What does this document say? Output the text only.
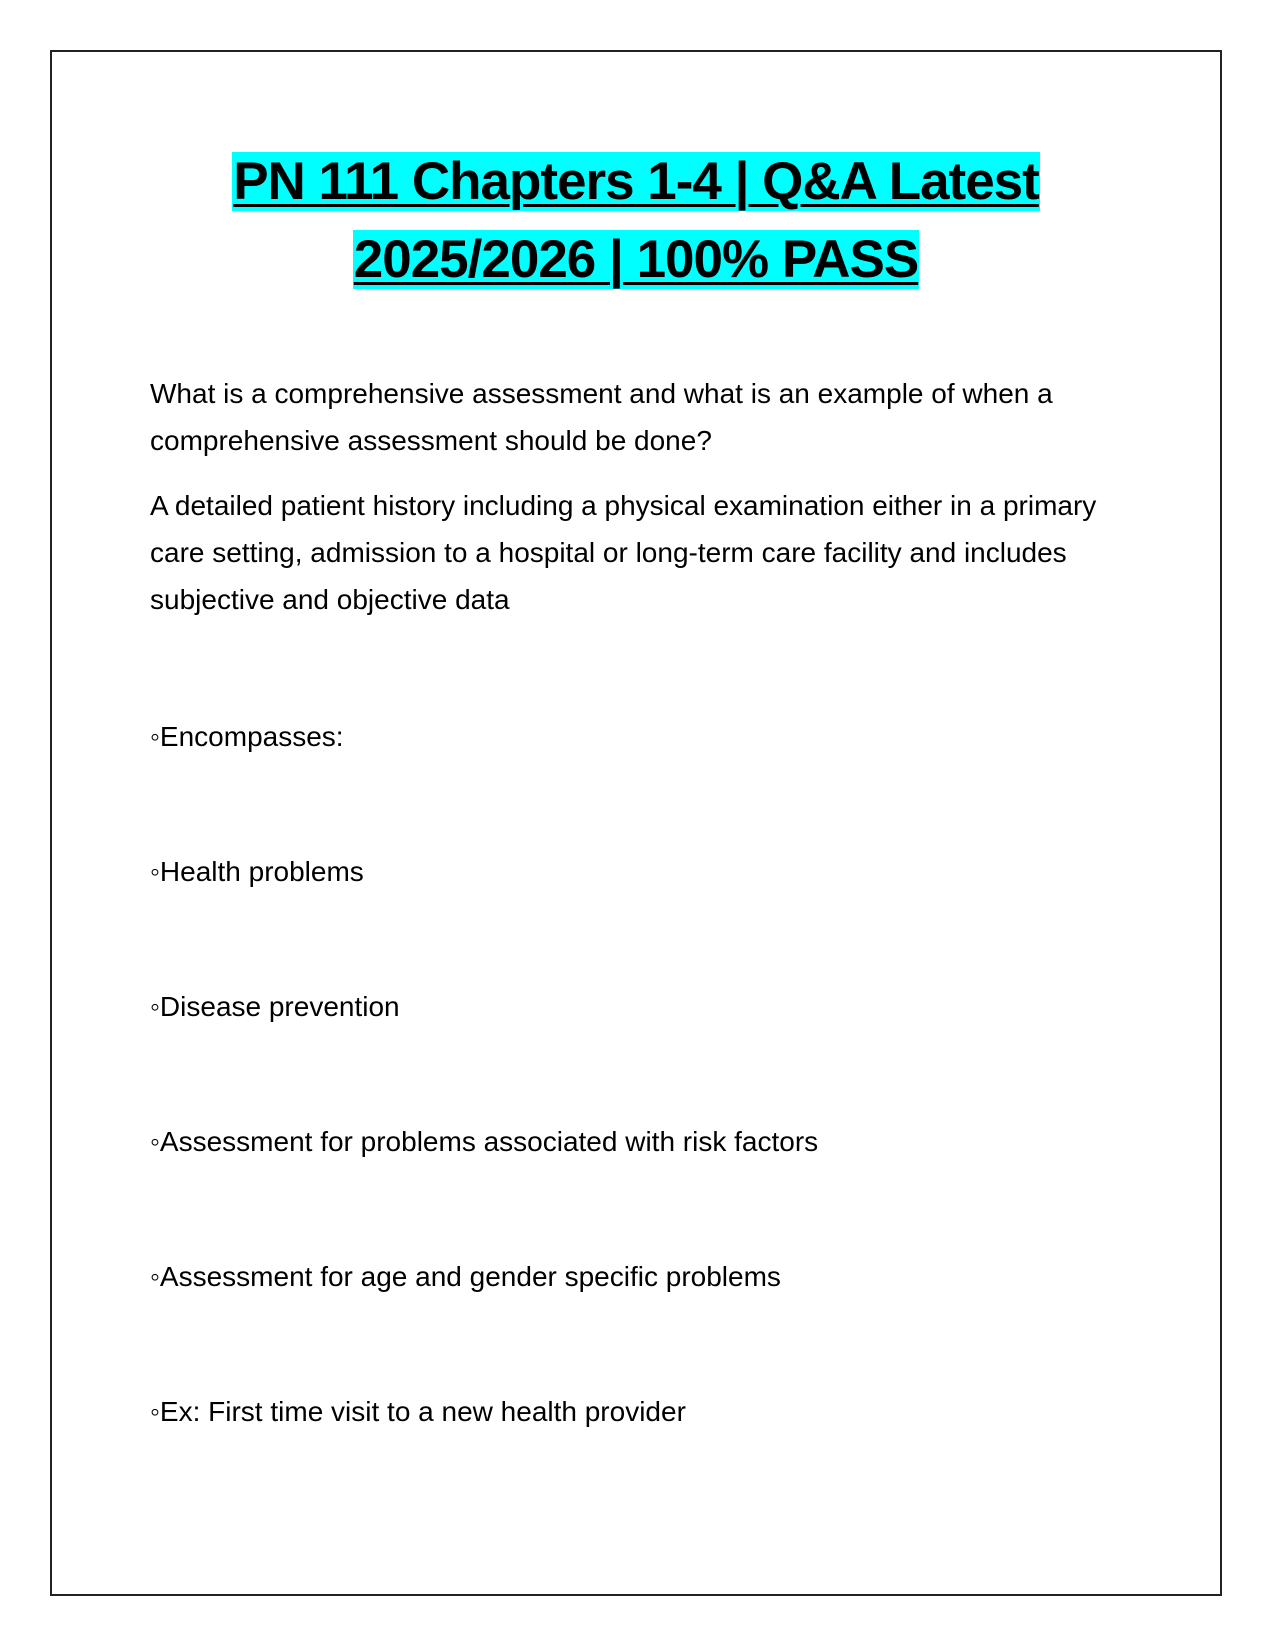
PN 111 Chapters 1-4 | Q&A Latest
2025/2026 | 100% PASS

What is a comprehensive assessment and what is an example of when a comprehensive assessment should be done?

A detailed patient history including a physical examination either in a primary care setting, admission to a hospital or long-term care facility and includes subjective and objective data

◦Encompasses:

◦Health problems

◦Disease prevention

◦Assessment for problems associated with risk factors

◦Assessment for age and gender specific problems

◦Ex: First time visit to a new health provider
